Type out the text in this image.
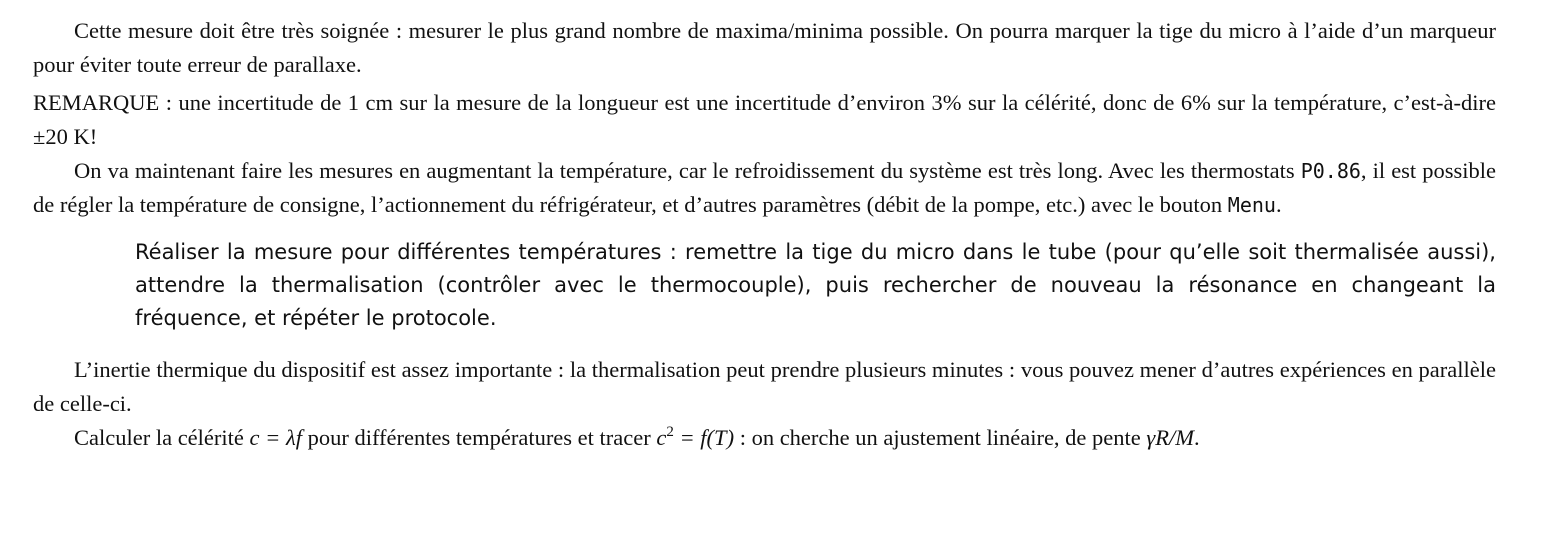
Cette mesure doit être très soignée : mesurer le plus grand nombre de maxima/minima possible. On pourra marquer la tige du micro à l’aide d’un marqueur pour éviter toute erreur de parallaxe.

REMARQUE : une incertitude de 1 cm sur la mesure de la longueur est une incertitude d’environ 3% sur la célérité, donc de 6% sur la température, c’est-à-dire ±20 K!

On va maintenant faire les mesures en augmentant la température, car le refroidissement du système est très long. Avec les thermostats P0.86, il est possible de régler la température de consigne, l’actionnement du réfrigérateur, et d’autres paramètres (débit de la pompe, etc.) avec le bouton Menu.

Réaliser la mesure pour différentes températures : remettre la tige du micro dans le tube (pour qu’elle soit thermalisée aussi), attendre la thermalisation (contrôler avec le thermocouple), puis rechercher de nouveau la résonance en changeant la fréquence, et répéter le protocole.

L’inertie thermique du dispositif est assez importante : la thermalisation peut prendre plusieurs minutes : vous pouvez mener d’autres expériences en parallèle de celle-ci.

Calculer la célérité c = λf pour différentes températures et tracer $c^2 = f(T)$ : on cherche un ajustement linéaire, de pente γR/M.
